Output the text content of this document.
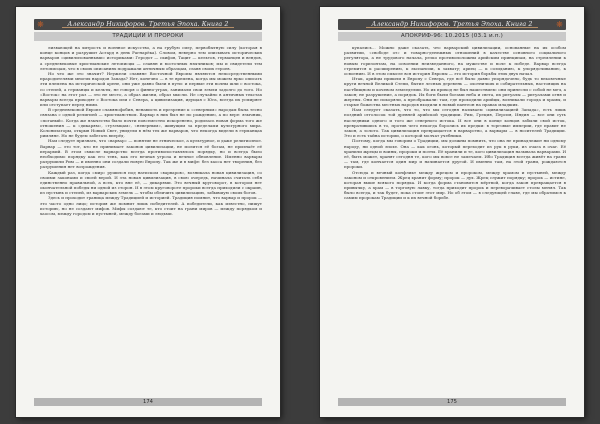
❋	Александр Никифоров. Третья Эпоха. Книга 2
ТРАДИЦИИ И ПРОРОКИ

лизвающей на хитрость и военное искусство, а на грубую силу, первобытную силу (которая в конце концов и разрушит Асгард в день Рагнарёка). Словом, неверно тем описывать исторических варваров «цивилизованными» историками: Геродот — скифов, Тацит — кельтов, германцев и вендов, а средневековые христианские летописцы — славян и восточных язычников; мы и свидетели тем летописцам, что в своих описаниях подражали античным образцам, славя своих героев.

Но что же это значит? Неужели славяне Восточной Европы являются непосредственными прародителями многих народов Запада? Нет, конечно — в те времена, когда мы можем ярко описать эти племена на исторической арене, они уже давно были в пути: и первые эти волны шли с востока, со степей, а германцы и кельты, не говоря о финно-уграх, занимали свои земли задолго до того. Но «Восток» на этот раз — это не место, а образ жизни, образ мысли. Не случайно в античных текстах варвары всегда приходят с Востока или с Севера, а цивилизация, идущая с Юга, всегда их усмиряет или отступает перед ними.

В средневековой Европе славянофобия, ненависть и презрение к «северным» народам была тесно связана с одной религией — христианством. Варвар в них был не по рождению, а по вере: язычник, «поганый». Когда же язычество было почти повсеместно искоренено, родилась новая форма того же отношения — к «дикарям», «туземцам», «неверным», живущим за пределами культурного мира. Колонизаторы, открыв Новый Свет, увидели в нём тех же варваров, что некогда видели в германцах римляне. Но не будем забегать вперёд.

Нам следует признать, что «варвар» — понятие не этническое, а культурное, и даже религиозное. Варвар — это тот, кто не принимает законов цивилизации, не молится её богам, не признаёт её иерархий. В этом смысле варварство всегда противопоставлялось порядку, но и всегда было необходимо порядку как его тень, как его вечная угроза и вечное обновление. Именно варвары разрушили Рим — и именно они создали новую Европу. Так же и в мифе: без хаоса нет творения, без разрушения нет возрождения.

Каждый раз, когда «мир» рушился под натиском «варваров», возникала новая цивилизация, со своими законами и своей верой. И эта новая цивилизация, в свою очередь, начинала считать себя единственно правильной, а всех, кто вне её, — дикарями. Это вечный круговорот, в котором нет окончательной победы ни одной из сторон. И в этом круговороте пророки всегда приходили с окраин, из пустынь и степей, из варварских земель — чтобы обличить цивилизацию, забывшую своих богов.

Здесь и проходит граница между Традицией и историей. Традиция помнит, что варвар и пророк — это часто одно лицо; история же помнит лишь победителей. А победители, как известно, пишут историю, но не создают мифов. Мифы создают те, кто стоит на грани миров — между порядком и хаосом, между городом и пустыней, между богами и людьми.

174
❋
Александр Никифоров. Третья Эпоха. Книга 2
АПОКРИФ-96: 10.2015 (03.1 и.п.)

купались... Можно даже сказать, что варварский цивилизации, основанные на их особом развитии, «свободе от» и товарно-денежных отношений в качестве основного социального регулятора, а не трудового начала, резко противоположны арийским принципам, на стремлении к новым горизонтам, на освоении неизведанного, на мужестве и воле к победе. Варвар всегда стремится к расширению, к экспансии, к захвату; ариец — к созиданию, к упорядочиванию, к освоению. И в этом смысле вся история Европы — это история борьбы этих двух начал.

Итак, арийцы пришли в Европу с Севера, где всё было давно упорядочено, будь то вековечные круги вечной Великой Степи, бытие лесных деревень — охотничьих и собирательных, настоящих на пастбищном и кочевом земледелии. Но их приход не был нашествием: они принесли с собой не меч, а закон; не разрушение, а порядок. Их боги были богами неба и света, их ритуалы — ритуалами огня и жертвы. Они не покоряли, а преображали: там, где проходили арийцы, возникали города и храмы, и старые божества местных народов входили в новый пантеон на правах младших.

Нам следует сказать, что то, что мы сегодня называем «цивилизацией Запада», есть лишь поздний отголосок той древней арийской традиции. Рим, Греция, Персия, Индия — все они суть наследники одного и того же северного истока. И все они в конце концов забыли свой исток, превратившись в то, против чего некогда боролись их предки: в торговые империи, где правит не закон, а золото. Так цивилизация превращается в варварство, а варвары — в носителей Традиции. Это и есть тайна истории, о которой молчат учебники.

Поэтому, когда мы говорим о Традиции, мы должны помнить, что она не принадлежит ни одному народу, ни одной эпохе. Она — как огонь, который переходит из рук в руки, из очага в очаг. Её хранили жрецы и воины, пророки и поэты. Её хранили и те, кого цивилизация называла варварами. И её, быть может, хранят сегодня те, кого мы вовсе не замечаем. Ибо Традиция всегда живёт на грани — там, где кончается один мир и начинается другой. И именно там, на этой грани, рождаются пророки.

Отсюда и вечный конфликт между жрецом и пророком, между храмом и пустыней, между законом и откровением. Жрец хранит форму; пророк — дух. Жрец служит порядку; пророк — истине, которая выше всякого порядка. И когда форма становится мёртвой, когда закон превращается в привычку, а храм — в торговую лавку, тогда приходит пророк и переворачивает столы менял. Так было всегда, и так будет, пока стоит этот мир. Но об этом — в следующей главе, где мы обратимся к самим пророкам Традиции и к их вечной борьбе.

175
